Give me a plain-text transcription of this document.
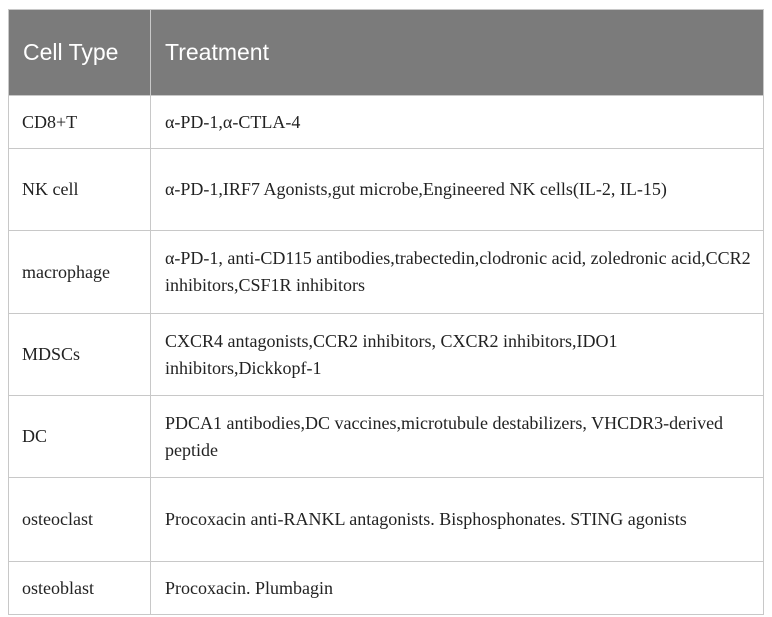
Cell Type	Treatment
CD8+T	α-PD-1,α-CTLA-4
NK cell	α-PD-1,IRF7 Agonists,gut microbe,Engineered NK cells(IL-2, IL-15)
macrophage	α-PD-1, anti-CD115 antibodies,trabectedin,clodronic acid, zoledronic acid,CCR2 inhibitors,CSF1R inhibitors
MDSCs	CXCR4 antagonists,CCR2 inhibitors, CXCR2 inhibitors,IDO1 inhibitors,Dickkopf-1
DC	PDCA1 antibodies,DC vaccines,microtubule destabilizers, VHCDR3-derived peptide
osteoclast	Procoxacin anti-RANKL antagonists. Bisphosphonates. STING agonists
osteoblast	Procoxacin. Plumbagin
